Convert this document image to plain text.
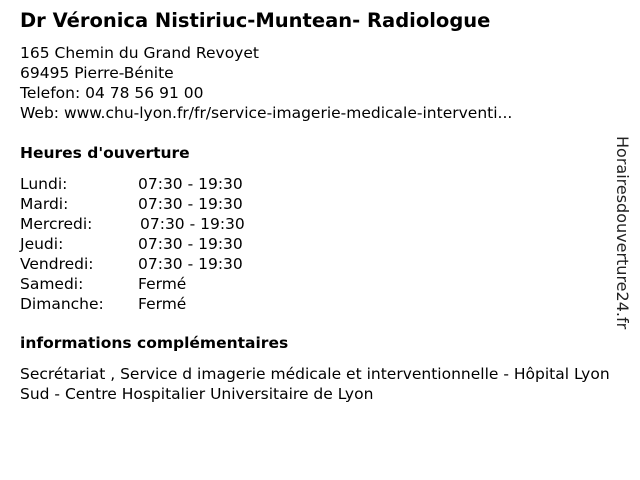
Dr Véronica Nistiriuc-Muntean- Radiologue
165 Chemin du Grand Revoyet
69495 Pierre-Bénite
Telefon: 04 78 56 91 00
Web: www.chu-lyon.fr/fr/service-imagerie-medicale-interventi...
Heures d'ouverture
Lundi:	07:30 - 19:30
Mardi:	07:30 - 19:30
Mercredi:	07:30 - 19:30
Jeudi:	07:30 - 19:30
Vendredi:	07:30 - 19:30
Samedi:	Fermé
Dimanche: Fermé
informations complémentaires
Secrétariat , Service d imagerie médicale et interventionnelle - Hôpital Lyon Sud - Centre Hospitalier Universitaire de Lyon
Horairesdouverture24.fr
